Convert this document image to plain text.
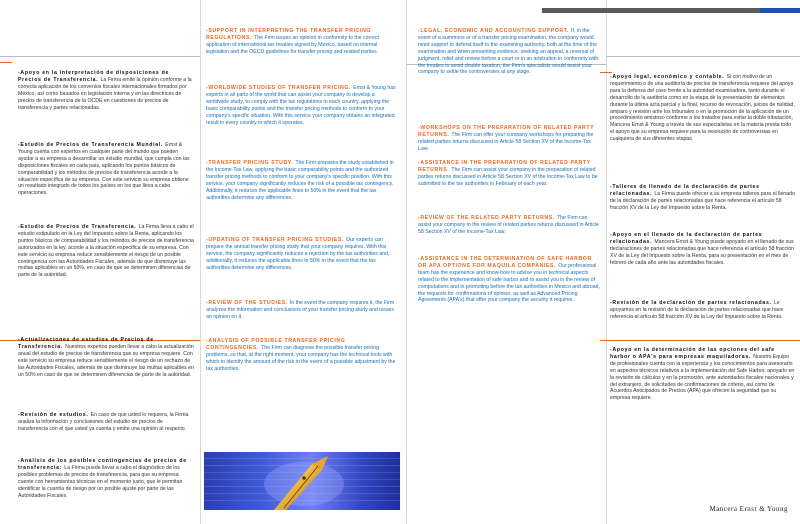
-Apoyo en la interpretación de disposiciones de Precios de Transferencia. La Firma emite la opinión conforme a la correcta aplicación de los convenios fiscales internacionales firmados por México, así como basados en legislación interna y en las directrices de precios de transferencia de la OCDE en cuestiones de precios de transferencia y partes relacionadas.
-Estudio de Precios de Transferencia Mundial. Ernst & Young cuenta con expertos en cualquier parte del mundo que pueden ayudar a su empresa a desarrollar un estudio mundial, que cumpla con las disposiciones fiscales en cada país, aplicando los puntos básicos de comparabilidad y los métodos de precios de transferencia acorde a la situación específica de su empresa. Con este servicio su empresa obtiene un resultado integrado de todos los países en los que lleva a cabo operaciones.
-Estudio de Precios de Transferencia. La Firma lleva a cabo el estudio estipulado en la Ley del Impuesto sobre la Renta, aplicando los puntos básicos de comparabilidad y los métodos de precios de transferencia autorizados en la ley, acorde a la situación específica de su empresa. Con este servicio su empresa reduce sensiblemente el riesgo de un posible contingencia con las Autoridades Fiscales, además de que disminuye las multas aplicables en un 50%, en caso de que se determinen diferencias de parte de la autoridad.
-Actualizaciones de estudios de Precios de Transferencia. Nuestros expertos pueden llevar a cabo la actualización anual del estudio de precios de transferencia que su empresa requiere. Con este servicio su empresa reduce sensiblemente el riesgo de un rechazo de las Autoridades Fiscales, además de que disminuye las multas aplicables en un 50% en caso de que se determinen diferencias de parte de la autoridad.
-Revisión de estudios. En caso de que usted lo requiera, la Firma analiza la información y conclusiones del estudio de precios de transferencia con el que usted ya cuenta y emite una opinión al respecto.
-Análisis de los posibles contingencias de precios de transferencia: La Firma puede llevar a cabo el diagnóstico de los posibles problemas de precios de transferencia, para que su empresa cuente con herramientas técnicas en el momento justo, que le permitan identificar la cuantía de riesgo por un posible ajuste por parte de las Autoridades Fiscales.
-SUPPORT IN INTERPRETING THE TRANSFER PRICING REGULATIONS. The Firm issues an opinion in conformity to the correct application of international tax treaties signed by Mexico, based on internal legislation and the OECD guidelines for transfer pricing and related parties.
-WORLDWIDE STUDIES OF TRANSFER PRICING. Ernst & Young has experts in all parts of the world that can assist your company to develop a worldwide study, to comply with the tax regulations in each country, applying the basic comparability points and the transfer pricing methods to conform to your company's specific situation. With this service your company obtains an integrated result in every country in which it operates.
-TRANSFER PRICING STUDY. The Firm prepares the study established in the Income-Tax Law, applying the basic comparability points and the authorized transfer pricing methods to conform to your company's specific position. With this service, your company significantly reduces the risk of a possible tax contingency. Additionally, it reduces the applicable fines to 50% in the event that the tax authorities determine any differences.
-UPDATING OF TRANSFER PRICING STUDIES. Our experts can prepare the annual transfer pricing study that your company requires. With this service, the company significantly reduces a rejection by the tax authorities and, additionally, it reduces the applicable fines to 50% in the event that the tax authorities determine any differences.
-REVIEW OF THE STUDIES. In the event the company requires it, the Firm analyzes the information and conclusions of your transfer pricing study and issues an opinion on it.
-ANALYSIS OF POSSIBLE TRANSFER PRICING CONTINGENCIES. The Firm can diagnose the possible transfer pricing problems, so that, at the right moment, your company has the technical tools with which to identify the amount of the risk in the event of a possible adjustment by the tax authorities.
-LEGAL, ECONOMIC AND ACCOUNTING SUPPORT. If, in the event of a summons or of a transfer pricing examination, the company would need support to defend itself to the examining authority, both at the time of the examination and when presenting evidence, seeking an appeal, a reversal of judgment, relief and review before a court or in an arbitration in conformity with the treaties to avoid double taxation, the Firm's specialists would assist your company to settle the controversies at any stage.
-WORKSHOPS ON THE PREPARATION OF RELATED PARTY RETURNS. The Firm can offer your company workshops for preparing the related parties returns discussed in Article 58 Section XV of the Income-Tax Law.
-ASSISTANCE IN THE PREPARATION OF RELATED PARTY RETURNS. The Firm can assist your company in the preparation of related parties returns discussed in Article 58 Section XV of the Income-Tax Law to be submitted to the tax authorities in February of each year.
-REVIEW OF THE RELATED PARTY RETURNS. The Firm can assist your company in the review of related parties returns discussed in Article 58 Section XV of the Income-Tax Law.
-ASSISTANCE IN THE DETERMINATION OF SAFE HARBOR OR APA OPTIONS FOR MAQUILA COMPANIES. Our professional team has the experience and know-how to advise you in technical aspects related to the implementation of safe harbor and to assist you in the review of computations and in promoting before the tax authorities in Mexico and abroad, the requests for confirmations of opinion, as well as Advanced Pricing Agreements (APA's) that offer your company the security it requires.
-Apoyo legal, económico y contable. Si con motivo de un requerimiento o de una auditoría de precios de transferencia requiere del apoyo para la defensa del caso frente a la autoridad examinadora, tanto durante el desarrollo de la auditoría como en la etapa de la presentación de elementos durante la última acta parcial y la final, recurso de revocación, juicios de nulidad, amparo y revisión ante los tribunales o en la promoción de la aplicación de un procedimiento amistoso conforme a los tratados para evitar la doble tributación, Mancera Ernst & Young a través de sus especialistas en la materia presta todo el apoyo que su empresa requiere para la resolución de controversias en cualquiera de sus diferentes etapas.
-Talleres de llenado de la declaración de partes relacionadas. La Firma puede ofrecer a su empresa talleres para el llenado de la declaración de partes relacionadas que hace referencia el artículo 58 fracción XV de la Ley del Impuesto sobre la Renta.
-Apoyo en el llenado de la declaración de partes relacionadas. Mancera Ernst & Young puede apoyarlo en el llenado de sus declaraciones de partes relacionadas que hace referencia el artículo 58 fracción XV de la Ley del Impuesto sobre la Renta, para su presentación en el mes de febrero de cada año ante las autoridades fiscales.
-Revisión de la declaración de partes relacionadas. Le apoyamos en la revisión de la declaración de partes relacionadas que hace referencia el artículo 58 fracción XV de la Ley del Impuesto sobre la Renta.
-Apoyo en la determinación de las opciones del safe harbor o APA's para empresas maquiladoras. Nuestro Equipo de profesionales cuenta con la experiencia y los conocimientos para asesorarlo en aspectos técnicos relativos a la implementación del Safe Harbor, apoyarlo en la revisión de cálculos y en la promoción, ante autoridades fiscales nacionales y del extranjero, de solicitudes de confirmaciones de criterio, así como de Acuerdos Anticipados de Precios (APA) que ofrecen la seguridad que su empresa requiere.
Mancera Ernst & Young
